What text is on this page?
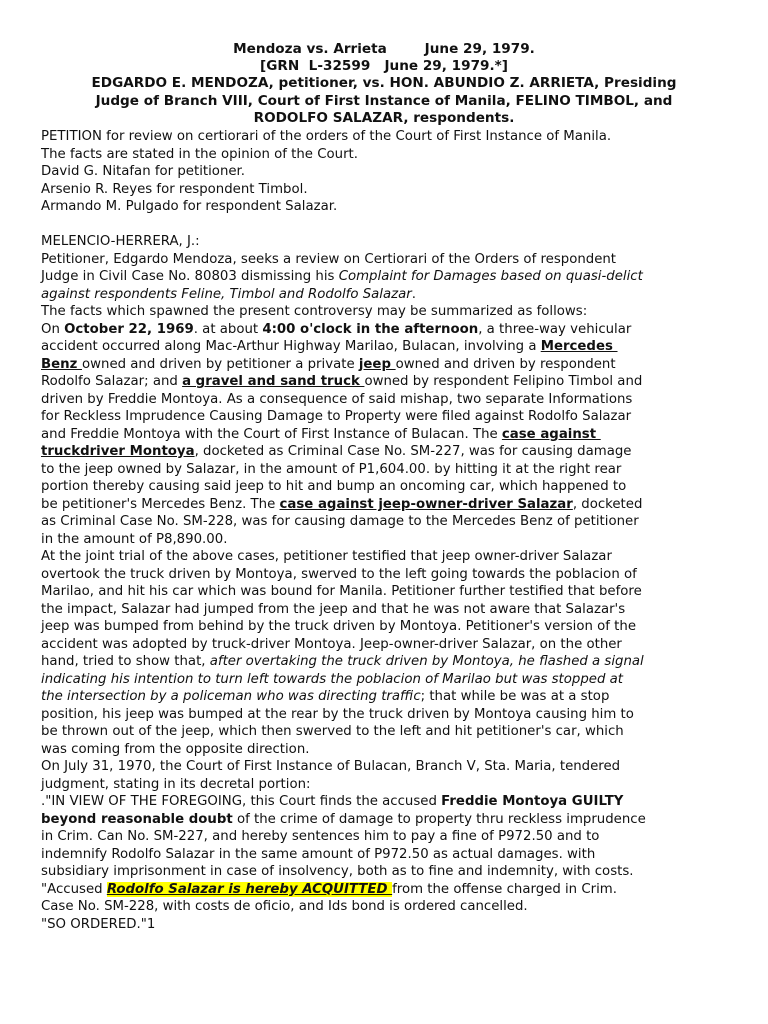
Mendoza vs. Arrieta        June 29, 1979.
[GRN  L-32599   June 29, 1979.*]
EDGARDO E. MENDOZA, petitioner, vs. HON. ABUNDIO Z. ARRIETA, Presiding
Judge of Branch VIII, Court of First Instance of Manila, FELINO TIMBOL, and
RODOLFO SALAZAR, respondents.
PETITION for review on certiorari of the orders of the Court of First Instance of Manila.
The facts are stated in the opinion of the Court.
David G. Nitafan for petitioner.
Arsenio R. Reyes for respondent Timbol.
Armando M. Pulgado for respondent Salazar.
MELENCIO-HERRERA, J.:
Petitioner, Edgardo Mendoza, seeks a review on Certiorari of the Orders of respondent
Judge in Civil Case No. 80803 dismissing his Complaint for Damages based on quasi-delict
against respondents Feline, Timbol and Rodolfo Salazar.
The facts which spawned the present controversy may be summarized as follows:
On October 22, 1969. at about 4:00 o'clock in the afternoon, a three-way vehicular
accident occurred along Mac-Arthur Highway Marilao, Bulacan, involving a Mercedes
Benz owned and driven by petitioner a private jeep owned and driven by respondent
Rodolfo Salazar; and a gravel and sand truck owned by respondent Felipino Timbol and
driven by Freddie Montoya. As a consequence of said mishap, two separate Informations
for Reckless Imprudence Causing Damage to Property were filed against Rodolfo Salazar
and Freddie Montoya with the Court of First Instance of Bulacan. The case against
truckdriver Montoya, docketed as Criminal Case No. SM-227, was for causing damage
to the jeep owned by Salazar, in the amount of P1,604.00. by hitting it at the right rear
portion thereby causing said jeep to hit and bump an oncoming car, which happened to
be petitioner's Mercedes Benz. The case against jeep-owner-driver Salazar, docketed
as Criminal Case No. SM-228, was for causing damage to the Mercedes Benz of petitioner
in the amount of P8,890.00.
At the joint trial of the above cases, petitioner testified that jeep owner-driver Salazar
overtook the truck driven by Montoya, swerved to the left going towards the poblacion of
Marilao, and hit his car which was bound for Manila. Petitioner further testified that before
the impact, Salazar had jumped from the jeep and that he was not aware that Salazar's
jeep was bumped from behind by the truck driven by Montoya. Petitioner's version of the
accident was adopted by truck-driver Montoya. Jeep-owner-driver Salazar, on the other
hand, tried to show that, after overtaking the truck driven by Montoya, he flashed a signal
indicating his intention to turn left towards the poblacion of Marilao but was stopped at
the intersection by a policeman who was directing traffic; that while be was at a stop
position, his jeep was bumped at the rear by the truck driven by Montoya causing him to
be thrown out of the jeep, which then swerved to the left and hit petitioner's car, which
was coming from the opposite direction.
On July 31, 1970, the Court of First Instance of Bulacan, Branch V, Sta. Maria, tendered
judgment, stating in its decretal portion:
."IN VIEW OF THE FOREGOING, this Court finds the accused Freddie Montoya GUILTY
beyond reasonable doubt of the crime of damage to property thru reckless imprudence
in Crim. Can No. SM-227, and hereby sentences him to pay a fine of P972.50 and to
indemnify Rodolfo Salazar in the same amount of P972.50 as actual damages. with
subsidiary imprisonment in case of insolvency, both as to fine and indemnity, with costs.
"Accused Rodolfo Salazar is hereby ACQUITTED from the offense charged in Crim.
Case No. SM-228, with costs de oficio, and Ids bond is ordered cancelled.
"SO ORDERED."1
